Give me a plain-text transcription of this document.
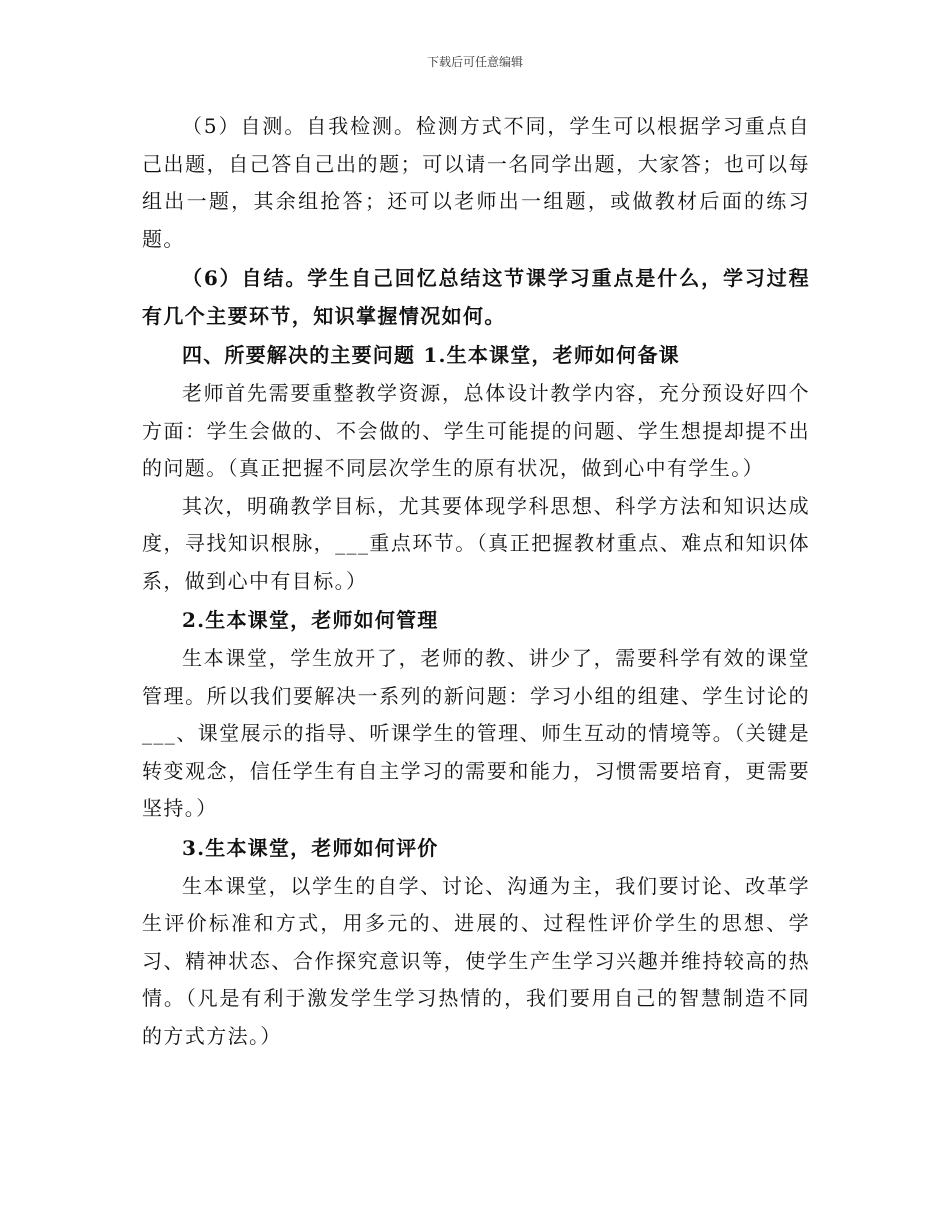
下载后可任意编辑

（5）自测。自我检测。检测方式不同，学生可以根据学习重点自己出题，自己答自己出的题；可以请一名同学出题，大家答；也可以每组出一题，其余组抢答；还可以老师出一组题，或做教材后面的练习题。

（6）自结。学生自己回忆总结这节课学习重点是什么，学习过程有几个主要环节，知识掌握情况如何。

四、所要解决的主要问题 1.生本课堂，老师如何备课

老师首先需要重整教学资源，总体设计教学内容，充分预设好四个方面：学生会做的、不会做的、学生可能提的问题、学生想提却提不出的问题。（真正把握不同层次学生的原有状况，做到心中有学生。）

其次，明确教学目标，尤其要体现学科思想、科学方法和知识达成度，寻找知识根脉，___重点环节。（真正把握教材重点、难点和知识体系，做到心中有目标。）

2.生本课堂，老师如何管理

生本课堂，学生放开了，老师的教、讲少了，需要科学有效的课堂管理。所以我们要解决一系列的新问题：学习小组的组建、学生讨论的___、课堂展示的指导、听课学生的管理、师生互动的情境等。（关键是转变观念，信任学生有自主学习的需要和能力，习惯需要培育，更需要坚持。）

3.生本课堂，老师如何评价

生本课堂，以学生的自学、讨论、沟通为主，我们要讨论、改革学生评价标准和方式，用多元的、进展的、过程性评价学生的思想、学习、精神状态、合作探究意识等，使学生产生学习兴趣并维持较高的热情。（凡是有利于激发学生学习热情的，我们要用自己的智慧制造不同的方式方法。）
